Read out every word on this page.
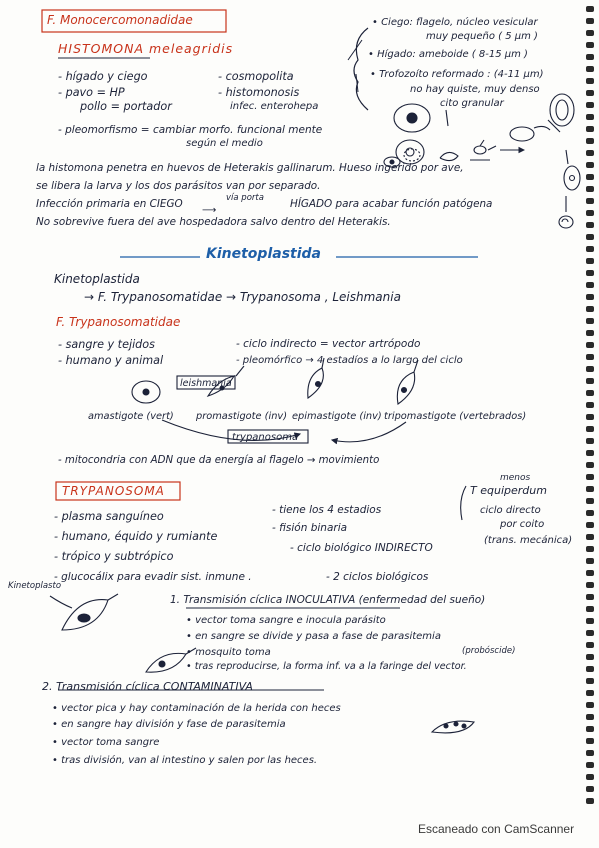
F. Monocercomonadidae
HISTOMONA meleagridis
- hígado y ciego
- pavo = HP
pollo = portador
- cosmopolita
- histomonosis
infec. enterohepa
- pleomorfismo = cambiar morfo. funcional mente
según el medio
• Ciego: flagelo, núcleo vesicular
muy pequeño ( 5 µm )
• Hígado: ameboide ( 8-15 µm )
• Trofozoíto reformado : (4-11 µm)
no hay quiste, muy denso
cito granular
la histomona penetra en huevos de Heterakis gallinarum. Hueso ingerido por ave,
se libera la larva y los dos parásitos van por separado.
Infección primaria en CIEGO	vía porta
⟶
HÍGADO para acabar función patógena
No sobrevive fuera del ave hospedadora salvo dentro del Heterakis.
Kinetoplastida
Kinetoplastida
→ F. Trypanosomatidae → Trypanosoma , Leishmania
F. Trypanosomatidae
- sangre y tejidos
- humano y animal
- ciclo indirecto = vector artrópodo
- pleomórfico → 4 estadíos a lo largo del ciclo
leishmania
trypanosoma
amastigote (vert) promastigote (inv) epimastigote (inv) tripomastigote (vertebrados)
- mitocondria con ADN que da energía al flagelo → movimiento
TRYPANOSOMA
- plasma sanguíneo
- humano, équido y rumiante
- trópico y subtrópico
- glucocálix para evadir sist. inmune .
- tiene los 4 estadios
- fisión binaria
- ciclo biológico INDIRECTO
- 2 ciclos biológicos
menos
T equiperdum
ciclo directo
por coito
(trans. mecánica)
Kinetoplasto
1. Transmisión cíclica INOCULATIVA (enfermedad del sueño)
• vector toma sangre e inocula parásito
• en sangre se divide y pasa a fase de parasitemia
• mosquito toma	(probóscide)
• tras reproducirse, la forma inf. va a la faringe del vector.
2. Transmisión cíclica CONTAMINATIVA
• vector pica y hay contaminación de la herida con heces
• en sangre hay división y fase de parasitemia
• vector toma sangre
• tras división, van al intestino y salen por las heces.
Escaneado con CamScanner
